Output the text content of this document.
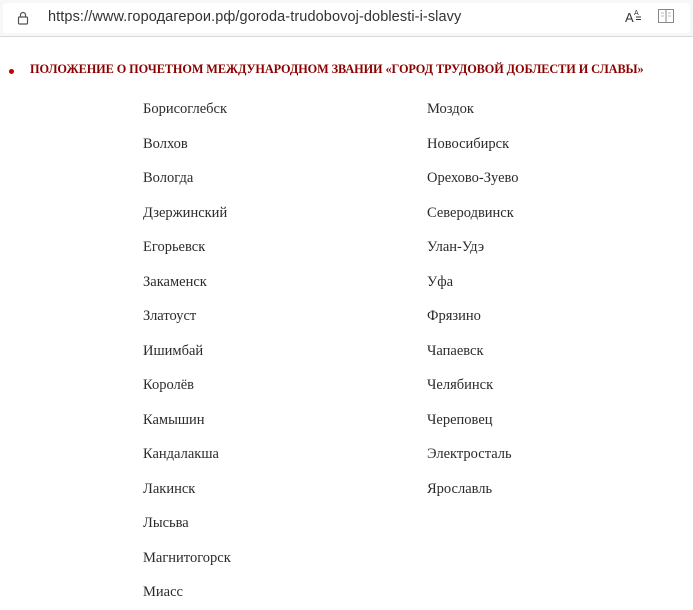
https://www.городагерои.рф/goroda-trudobovoj-doblesti-i-slavy	A A
ПОЛОЖЕНИЕ О ПОЧЕТНОМ МЕЖДУНАРОДНОМ ЗВАНИИ «ГОРОД ТРУДОВОЙ ДОБЛЕСТИ И СЛАВЫ»
Борисоглебск
Волхов
Вологда
Дзержинский
Егорьевск
Закаменск
Златоуст
Ишимбай
Королёв
Камышин
Кандалакша
Лакинск
Лысьва
Магнитогорск
Миасс
Моздок
Новосибирск
Орехово-Зуево
Северодвинск
Улан-Удэ
Уфа
Фрязино
Чапаевск
Челябинск
Череповец
Электросталь
Ярославль
